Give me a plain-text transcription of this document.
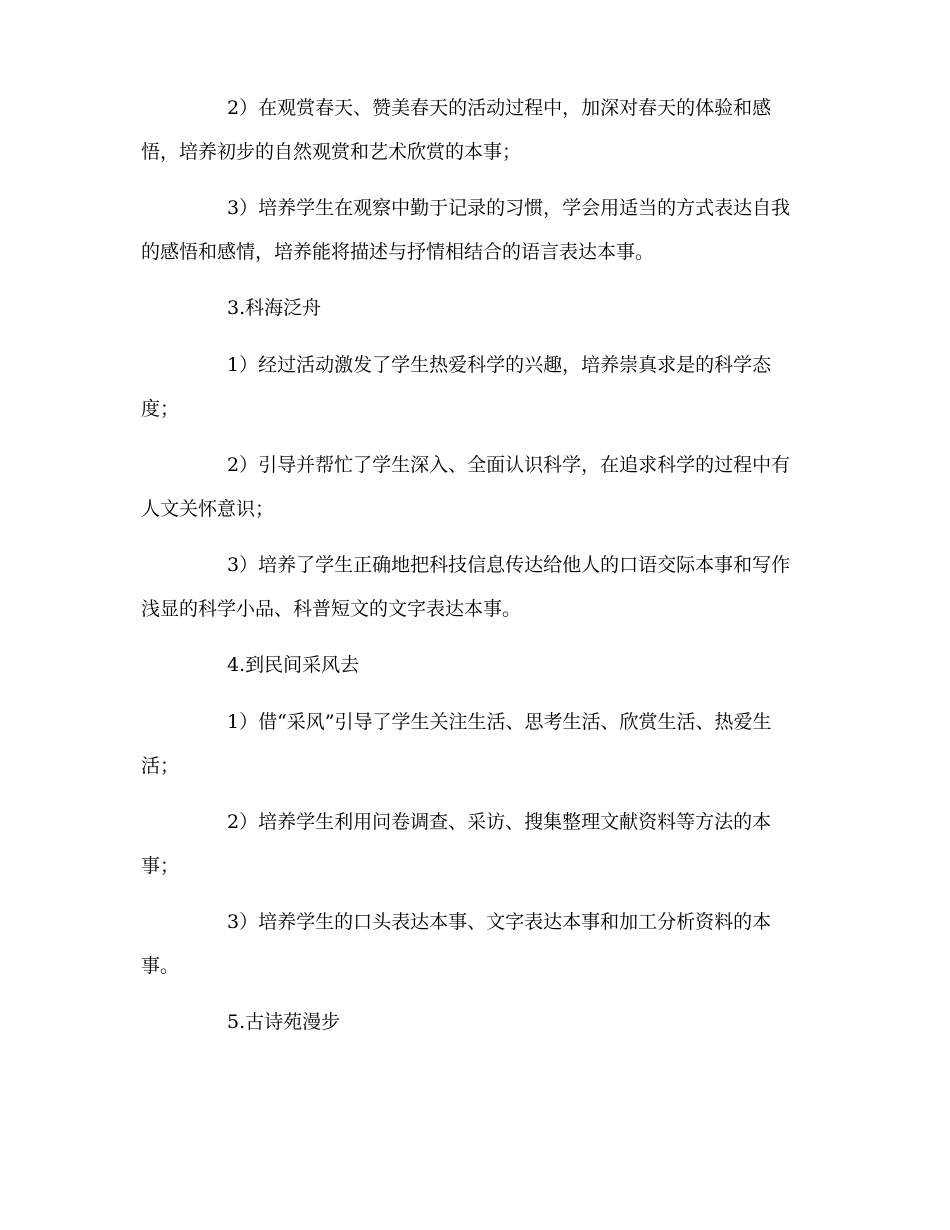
2）在观赏春天、赞美春天的活动过程中，加深对春天的体验和感悟，培养初步的自然观赏和艺术欣赏的本事；

3）培养学生在观察中勤于记录的习惯，学会用适当的方式表达自我的感悟和感情，培养能将描述与抒情相结合的语言表达本事。

3.科海泛舟

1）经过活动激发了学生热爱科学的兴趣，培养崇真求是的科学态度；

2）引导并帮忙了学生深入、全面认识科学，在追求科学的过程中有人文关怀意识；

3）培养了学生正确地把科技信息传达给他人的口语交际本事和写作浅显的科学小品、科普短文的文字表达本事。

4.到民间采风去

1）借“采风”引导了学生关注生活、思考生活、欣赏生活、热爱生活；

2）培养学生利用问卷调查、采访、搜集整理文献资料等方法的本事；

3）培养学生的口头表达本事、文字表达本事和加工分析资料的本事。

5.古诗苑漫步
